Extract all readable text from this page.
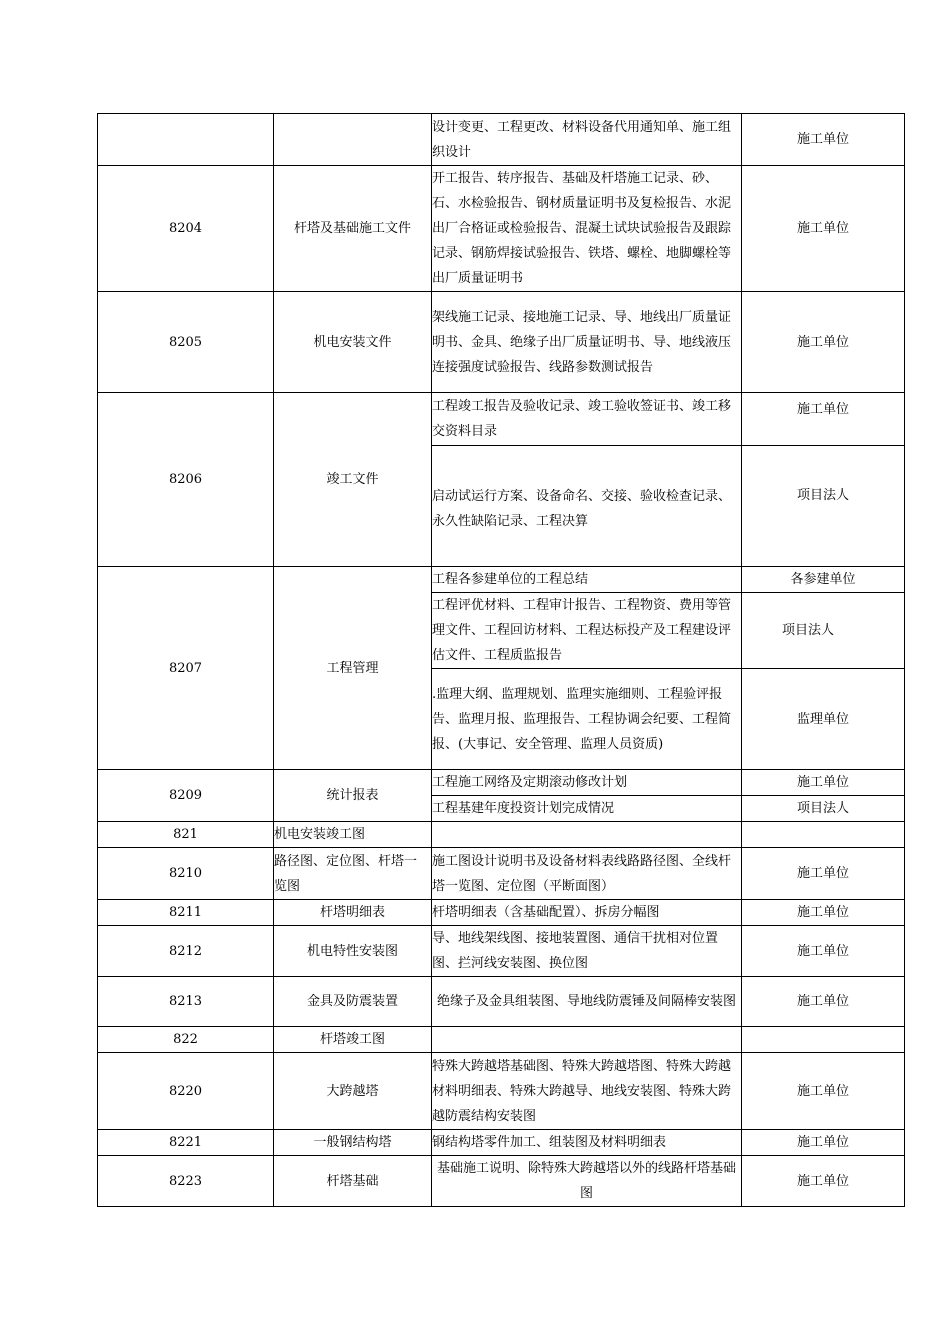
		设计变更、工程更改、材料设备代用通知单、施工组织设计	施工单位
8204	杆塔及基础施工文件	开工报告、转序报告、基础及杆塔施工记录、砂、石、水检验报告、钢材质量证明书及复检报告、水泥出厂合格证或检验报告、混凝土试块试验报告及跟踪记录、钢筋焊接试验报告、铁塔、螺栓、地脚螺栓等出厂质量证明书	施工单位
8205	机电安装文件	架线施工记录、接地施工记录、导、地线出厂质量证明书、金具、绝缘子出厂质量证明书、导、地线液压连接强度试验报告、线路参数测试报告	施工单位
8206	竣工文件	工程竣工报告及验收记录、竣工验收签证书、竣工移交资料目录	施工单位
		启动试运行方案、设备命名、交接、验收检查记录、永久性缺陷记录、工程决算	项目法人
8207	工程管理	工程各参建单位的工程总结	各参建单位
		工程评优材料、工程审计报告、工程物资、费用等管理文件、工程回访材料、工程达标投产及工程建设评估文件、工程质监报告	项目法人
		.监理大纲、监理规划、监理实施细则、工程验评报告、监理月报、监理报告、工程协调会纪要、工程简报、(大事记、安全管理、监理人员资质)	监理单位
8209	统计报表	工程施工网络及定期滚动修改计划	施工单位
		工程基建年度投资计划完成情况	项目法人
821	机电安装竣工图		
8210	路径图、定位图、杆塔一览图	施工图设计说明书及设备材料表线路路径图、全线杆塔一览图、定位图（平断面图）	施工单位
8211	杆塔明细表	杆塔明细表（含基础配置）、拆房分幅图	施工单位
8212	机电特性安装图	导、地线架线图、接地装置图、通信干扰相对位置图、拦河线安装图、换位图	施工单位
8213	金具及防震装置	绝缘子及金具组装图、导地线防震锤及间隔棒安装图	施工单位
822	杆塔竣工图		
8220	大跨越塔	特殊大跨越塔基础图、特殊大跨越塔图、特殊大跨越材料明细表、特殊大跨越导、地线安装图、特殊大跨越防震结构安装图	施工单位
8221	一般钢结构塔	钢结构塔零件加工、组装图及材料明细表	施工单位
8223	杆塔基础	基础施工说明、除特殊大跨越塔以外的线路杆塔基础图	施工单位
